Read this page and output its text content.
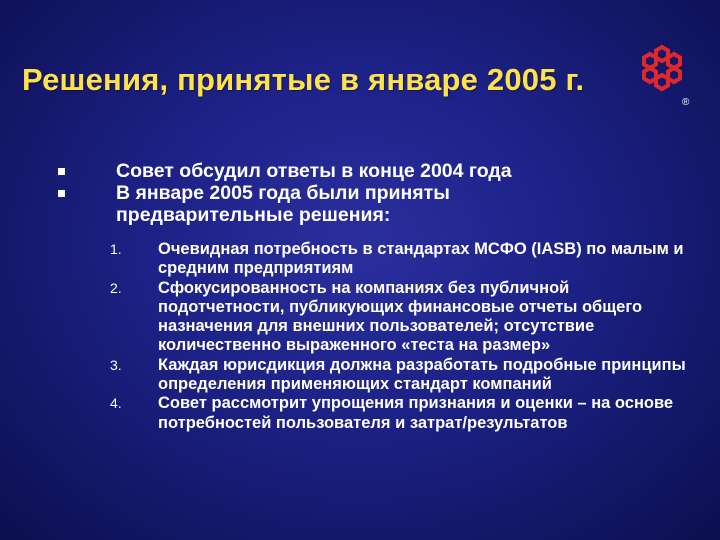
Решения, принятые в январе 2005 г.
®
Совет обсудил ответы в конце 2004 года
В январе 2005 года были приняты предварительные решения:
1. Очевидная потребность в стандартах МСФО (IASB) по малым и средним предприятиям
2. Сфокусированность на компаниях без публичной подотчетности, публикующих финансовые отчеты общего назначения для внешних пользователей; отсутствие количественно выраженного «теста на размер»
3. Каждая юрисдикция должна разработать подробные принципы определения применяющих стандарт компаний
4. Совет рассмотрит упрощения признания и оценки – на основе потребностей пользователя и затрат/результатов
